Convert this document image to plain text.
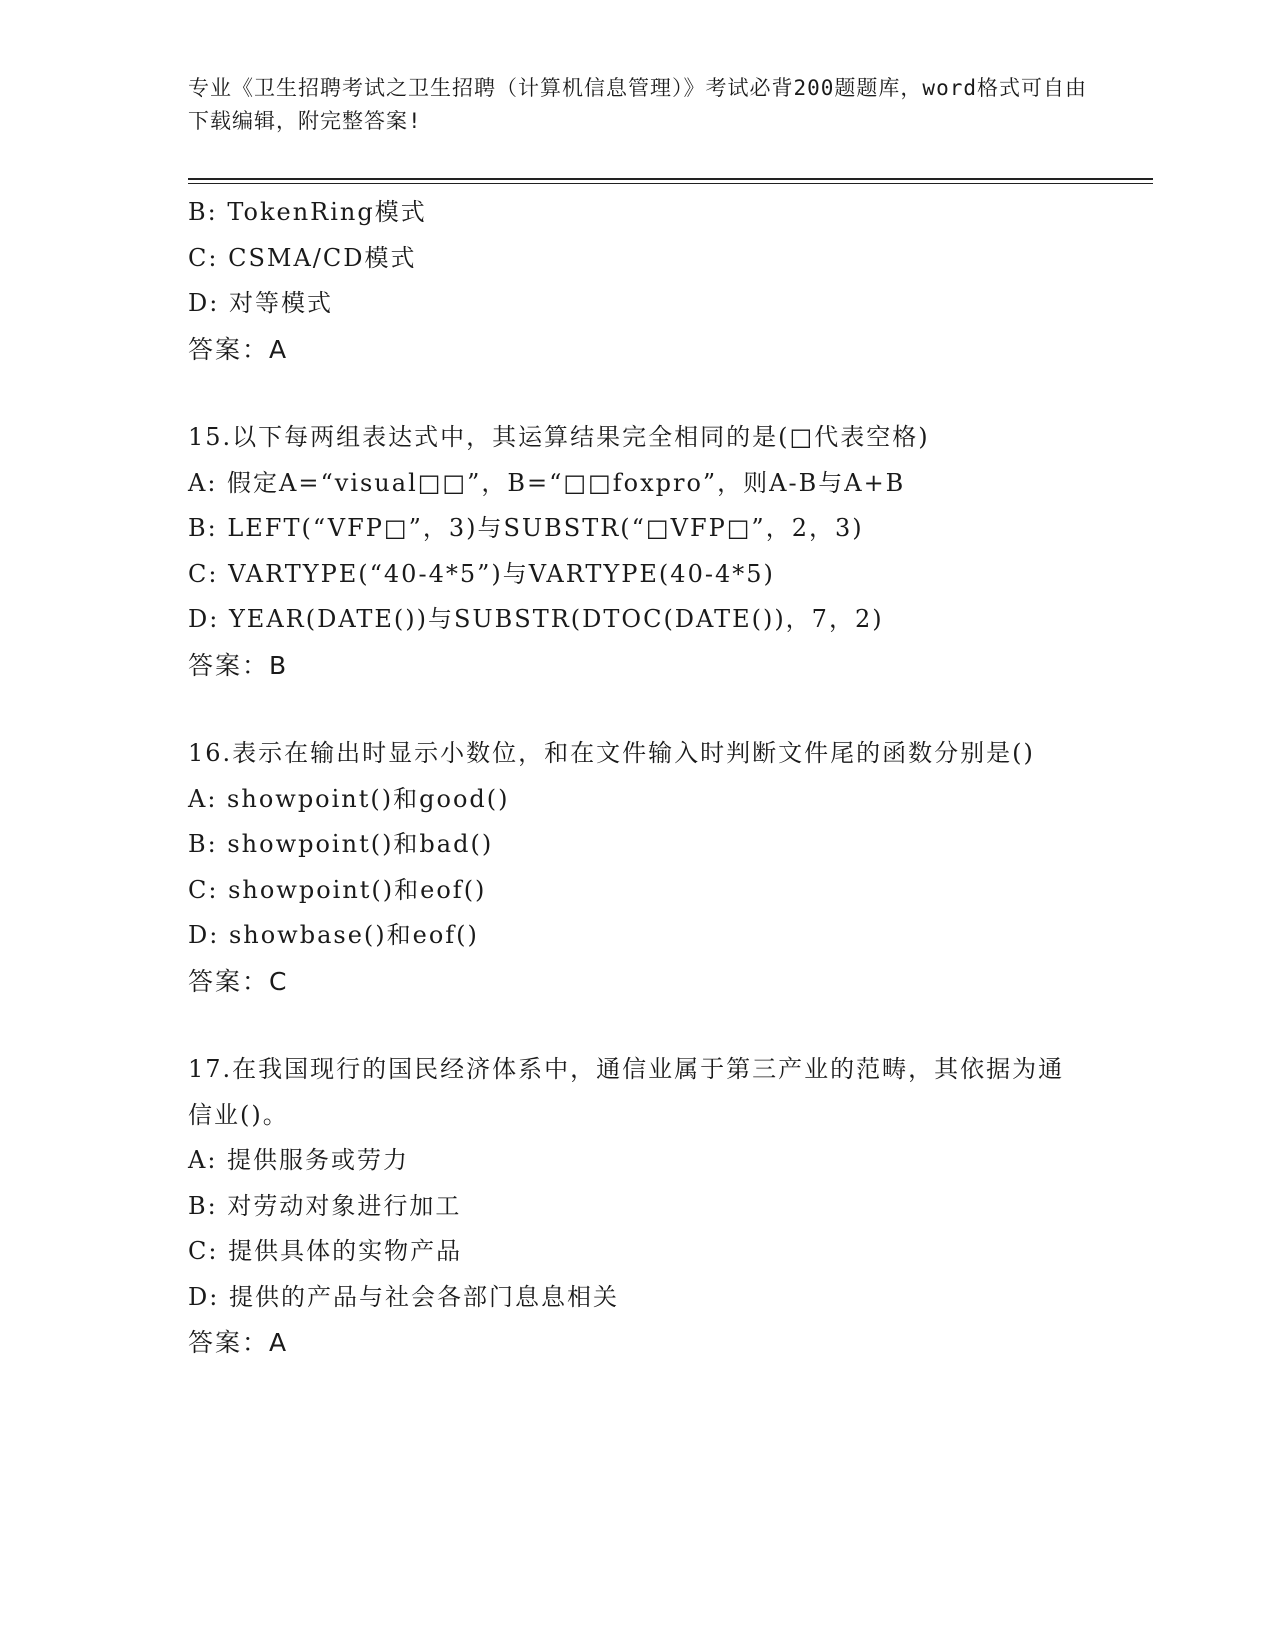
专业《卫生招聘考试之卫生招聘（计算机信息管理）》考试必背200题题库，word格式可自由下载编辑，附完整答案!
B: TokenRing模式
C: CSMA/CD模式
D: 对等模式
答案：A
15.以下每两组表达式中，其运算结果完全相同的是(□代表空格)
A: 假定A=“visual□□”，B=“□□foxpro”，则A-B与A+B
B: LEFT(“VFP□”，3)与SUBSTR(“□VFP□”，2，3)
C: VARTYPE(“40-4*5”)与VARTYPE(40-4*5)
D: YEAR(DATE())与SUBSTR(DTOC(DATE())，7，2)
答案：B
16.表示在输出时显示小数位，和在文件输入时判断文件尾的函数分别是()
A: showpoint()和good()
B: showpoint()和bad()
C: showpoint()和eof()
D: showbase()和eof()
答案：C
17.在我国现行的国民经济体系中，通信业属于第三产业的范畴，其依据为通信业()。
A: 提供服务或劳力
B: 对劳动对象进行加工
C: 提供具体的实物产品
D: 提供的产品与社会各部门息息相关
答案：A
